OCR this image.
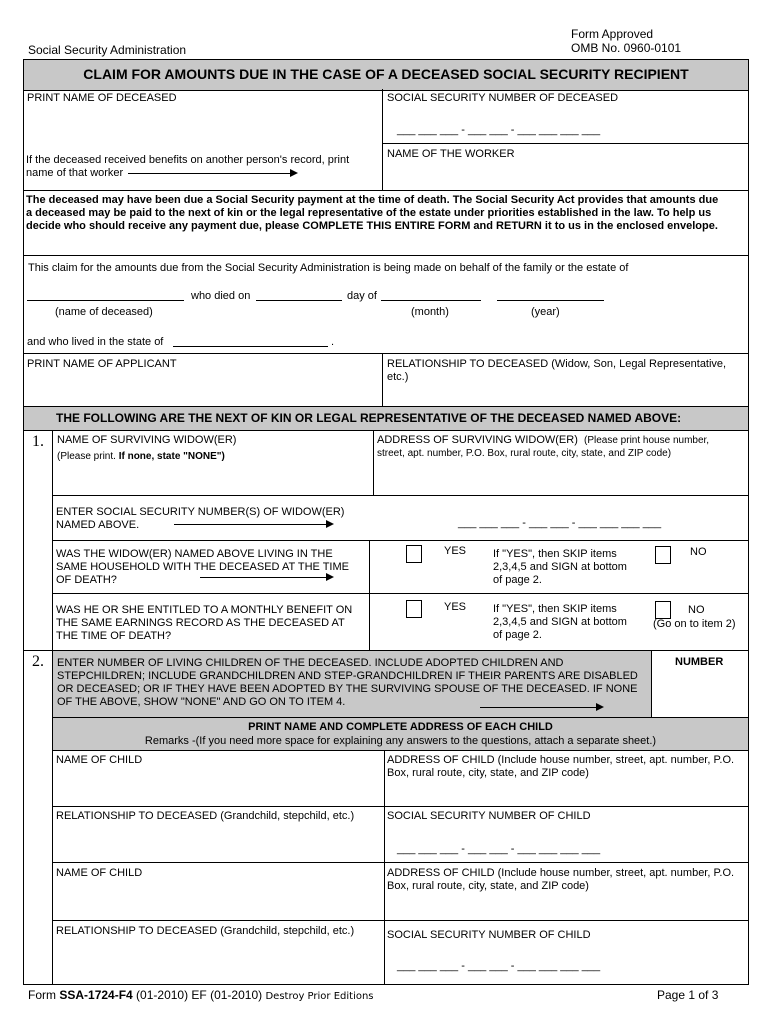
Social Security Administration
Form Approved
OMB No. 0960-0101
CLAIM FOR AMOUNTS DUE IN THE CASE OF A DECEASED SOCIAL SECURITY RECIPIENT
PRINT NAME OF DECEASED	SOCIAL SECURITY NUMBER OF DECEASED
___ ___ ___ - ___ ___ - ___ ___ ___ ___
NAME OF THE WORKER
If the deceased received benefits on another person's record, print name of that worker
The deceased may have been due a Social Security payment at the time of death. The Social Security Act provides that amounts due a deceased may be paid to the next of kin or the legal representative of the estate under priorities established in the law. To help us decide who should receive any payment due, please COMPLETE THIS ENTIRE FORM and RETURN it to us in the enclosed envelope.
This claim for the amounts due from the Social Security Administration is being made on behalf of the family or the estate of
who died on	day of
(name of deceased)	(month)	(year)
and who lived in the state of	.
PRINT NAME OF APPLICANT	RELATIONSHIP TO DECEASED (Widow, Son, Legal Representative, etc.)
THE FOLLOWING ARE THE NEXT OF KIN OR LEGAL REPRESENTATIVE OF THE DECEASED NAMED ABOVE:
1. NAME OF SURVIVING WIDOW(ER)
(Please print. If none, state "NONE")
ADDRESS OF SURVIVING WIDOW(ER) (Please print house number, street, apt. number, P.O. Box, rural route, city, state, and ZIP code)
ENTER SOCIAL SECURITY NUMBER(S) OF WIDOW(ER) NAMED ABOVE.	___ ___ ___ - ___ ___ - ___ ___ ___ ___
WAS THE WIDOW(ER) NAMED ABOVE LIVING IN THE SAME HOUSEHOLD WITH THE DECEASED AT THE TIME OF DEATH?
YES If "YES", then SKIP items 2,3,4,5 and SIGN at bottom of page 2.
NO
WAS HE OR SHE ENTITLED TO A MONTHLY BENEFIT ON THE SAME EARNINGS RECORD AS THE DECEASED AT THE TIME OF DEATH?
YES If "YES", then SKIP items 2,3,4,5 and SIGN at bottom of page 2.
NO
(Go on to item 2)
2. ENTER NUMBER OF LIVING CHILDREN OF THE DECEASED. INCLUDE ADOPTED CHILDREN AND STEPCHILDREN; INCLUDE GRANDCHILDREN AND STEP-GRANDCHILDREN IF THEIR PARENTS ARE DISABLED OR DECEASED; OR IF THEY HAVE BEEN ADOPTED BY THE SURVIVING SPOUSE OF THE DECEASED. IF NONE OF THE ABOVE, SHOW "NONE" AND GO ON TO ITEM 4.
NUMBER
PRINT NAME AND COMPLETE ADDRESS OF EACH CHILD
Remarks -(If you need more space for explaining any answers to the questions, attach a separate sheet.)
NAME OF CHILD	ADDRESS OF CHILD (Include house number, street, apt. number, P.O. Box, rural route, city, state, and ZIP code)
RELATIONSHIP TO DECEASED (Grandchild, stepchild, etc.)	SOCIAL SECURITY NUMBER OF CHILD
___ ___ ___ - ___ ___ - ___ ___ ___ ___
NAME OF CHILD	ADDRESS OF CHILD (Include house number, street, apt. number, P.O. Box, rural route, city, state, and ZIP code)
RELATIONSHIP TO DECEASED (Grandchild, stepchild, etc.)	SOCIAL SECURITY NUMBER OF CHILD
___ ___ ___ - ___ ___ - ___ ___ ___ ___
Form SSA-1724-F4 (01-2010) EF (01-2010) Destroy Prior Editions	Page 1 of 3
